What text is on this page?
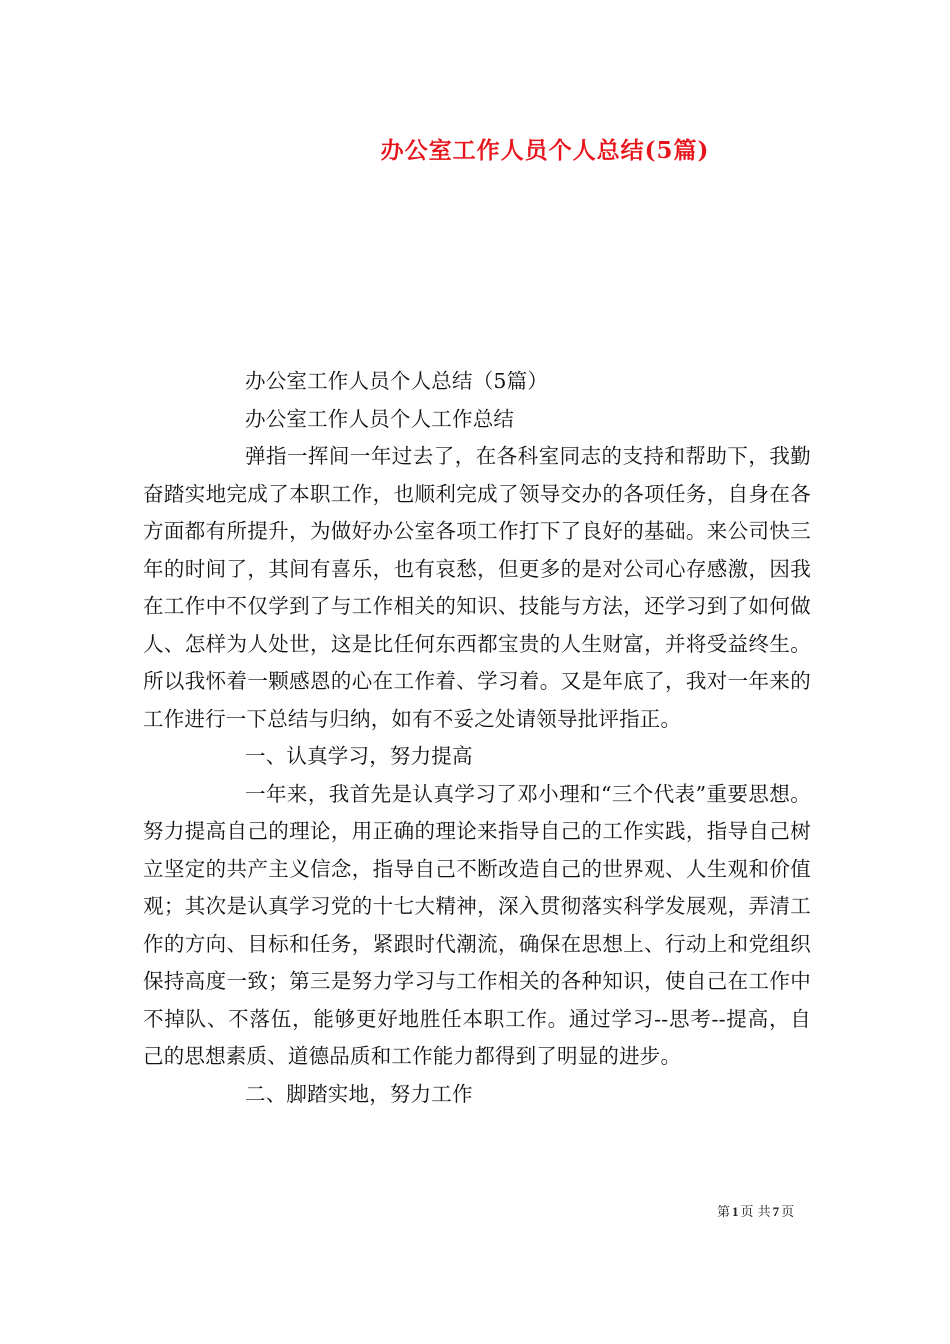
办公室工作人员个人总结(5篇)

办公室工作人员个人总结（5篇）

办公室工作人员个人工作总结

弹指一挥间一年过去了，在各科室同志的支持和帮助下，我勤奋踏实地完成了本职工作，也顺利完成了领导交办的各项任务，自身在各方面都有所提升，为做好办公室各项工作打下了良好的基础。来公司快三年的时间了，其间有喜乐，也有哀愁，但更多的是对公司心存感激，因我在工作中不仅学到了与工作相关的知识、技能与方法，还学习到了如何做人、怎样为人处世，这是比任何东西都宝贵的人生财富，并将受益终生。所以我怀着一颗感恩的心在工作着、学习着。又是年底了，我对一年来的工作进行一下总结与归纳，如有不妥之处请领导批评指正。

一、认真学习，努力提高

一年来，我首先是认真学习了邓小理和“三个代表”重要思想。努力提高自己的理论，用正确的理论来指导自己的工作实践，指导自己树立坚定的共产主义信念，指导自己不断改造自己的世界观、人生观和价值观；其次是认真学习党的十七大精神，深入贯彻落实科学发展观，弄清工作的方向、目标和任务，紧跟时代潮流，确保在思想上、行动上和党组织保持高度一致；第三是努力学习与工作相关的各种知识，使自己在工作中不掉队、不落伍，能够更好地胜任本职工作。通过学习--思考--提高，自己的思想素质、道德品质和工作能力都得到了明显的进步。

二、脚踏实地，努力工作

第 1 页 共 7 页
